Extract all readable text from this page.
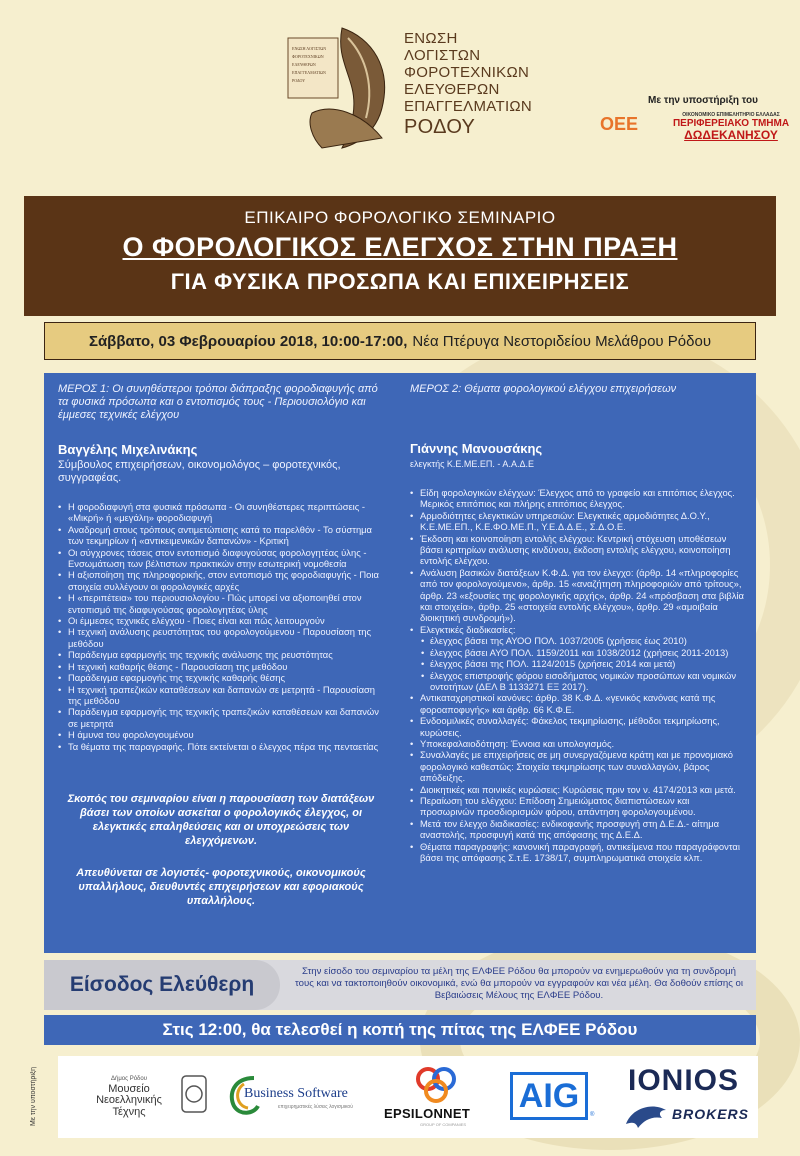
ΕΝΩΣΗ ΛΟΓΙΣΤΩΝ
ΦΟΡΟΤΕΧΝΙΚΩΝ
ΕΛΕΥΘΕΡΩΝ
ΕΠΑΓΓΕΛΜΑΤΙΩΝ
ΡΟΔΟΥ
ΕΝΩΣΗ
ΛΟΓΙΣΤΩΝ
ΦΟΡΟΤΕΧΝΙΚΩΝ
ΕΛΕΥΘΕΡΩΝ
ΕΠΑΓΓΕΛΜΑΤΙΩΝ
ΡΟΔΟΥ
Με την υποστήριξη του
ΟΕΕ	ΟΙΚΟΝΟΜΙΚΟ ΕΠΙΜΕΛΗΤΗΡΙΟ ΕΛΛΑΔΑΣ
ΠΕΡΙΦΕΡΕΙΑΚΟ ΤΜΗΜΑ
ΔΩΔΕΚΑΝΗΣΟΥ
ΕΠΙΚΑΙΡΟ ΦΟΡΟΛΟΓΙΚΟ ΣΕΜΙΝΑΡΙΟ
Ο ΦΟΡΟΛΟΓΙΚΟΣ ΕΛΕΓΧΟΣ ΣΤΗΝ ΠΡΑΞΗ
ΓΙΑ ΦΥΣΙΚΑ ΠΡΟΣΩΠΑ ΚΑΙ ΕΠΙΧΕΙΡΗΣΕΙΣ
Σάββατο, 03 Φεβρουαρίου 2018, 10:00-17:00, Νέα Πτέρυγα Νεστοριδείου Μελάθρου Ρόδου
ΜΕΡΟΣ 1: Οι συνηθέστεροι τρόποι διάπραξης φοροδιαφυγής από τα φυσικά πρόσωπα και ο εντοπισμός τους - Περιουσιολόγιο και έμμεσες τεχνικές ελέγχου
Βαγγέλης Μιχελινάκης
Σύμβουλος επιχειρήσεων, οικονομολόγος – φοροτεχνικός, συγγραφέας.
• Η φοροδιαφυγή στα φυσικά πρόσωπα - Οι συνηθέστερες περιπτώσεις - «Μικρή» ή «μεγάλη» φοροδιαφυγή
• Αναδρομή στους τρόπους αντιμετώπισης κατά το παρελθόν - Το σύστημα των τεκμηρίων ή «αντικειμενικών δαπανών» - Κριτική
• Οι σύγχρονες τάσεις στον εντοπισμό διαφυγούσας φορολογητέας ύλης - Ενσωμάτωση των βέλτιστων πρακτικών στην εσωτερική νομοθεσία
• Η αξιοποίηση της πληροφορικής, στον εντοπισμό της φοροδιαφυγής - Ποια στοιχεία συλλέγουν οι φορολογικές αρχές
• Η «περιπέτεια» του περιουσιολογίου - Πώς μπορεί να αξιοποιηθεί στον εντοπισμό της διαφυγούσας φορολογητέας ύλης
• Οι έμμεσες τεχνικές ελέγχου - Ποιες είναι και πώς λειτουργούν
• Η τεχνική ανάλυσης ρευστότητας του φορολογούμενου - Παρουσίαση της μεθόδου
• Παράδειγμα εφαρμογής της τεχνικής ανάλυσης της ρευστότητας
• Η τεχνική καθαρής θέσης - Παρουσίαση της μεθόδου
• Παράδειγμα εφαρμογής της τεχνικής καθαρής θέσης
• Η τεχνική τραπεζικών καταθέσεων και δαπανών σε μετρητά - Παρουσίαση της μεθόδου
• Παράδειγμα εφαρμογής της τεχνικής τραπεζικών καταθέσεων και δαπανών σε μετρητά
• Η άμυνα του φορολογουμένου
• Τα θέματα της παραγραφής. Πότε εκτείνεται ο έλεγχος πέρα της πενταετίας
Σκοπός του σεμιναρίου είναι η παρουσίαση των διατάξεων βάσει των οποίων ασκείται ο φορολογικός έλεγχος, οι ελεγκτικές επαληθεύσεις και οι υποχρεώσεις των ελεγχόμενων.
Απευθύνεται σε λογιστές- φοροτεχνικούς, οικονομικούς υπαλλήλους, διευθυντές επιχειρήσεων και εφοριακούς υπαλλήλους.
ΜΕΡΟΣ 2: Θέματα φορολογικού ελέγχου επιχειρήσεων
Γιάννης Μανουσάκης
ελεγκτής Κ.Ε.ΜΕ.ΕΠ. - Α.Α.Δ.Ε
• Είδη φορολογικών ελέγχων: Έλεγχος από το γραφείο και επιτόπιος έλεγχος. Μερικός επιτόπιος και πλήρης επιτόπιος έλεγχος.
• Αρμοδιότητες ελεγκτικών υπηρεσιών: Ελεγκτικές αρμοδιότητες Δ.Ο.Υ., Κ.Ε.ΜΕ.ΕΠ., Κ.Ε.ΦΟ.ΜΕ.Π., Υ.Ε.Δ.Δ.Ε., Σ.Δ.Ο.Ε.
• Έκδοση και κοινοποίηση εντολής ελέγχου: Κεντρική στόχευση υποθέσεων βάσει κριτηρίων ανάλυσης κινδύνου, έκδοση εντολής ελέγχου, κοινοποίηση εντολής ελέγχου.
• Ανάλυση βασικών διατάξεων Κ.Φ.Δ. για τον έλεγχο: (άρθρ. 14 «πληροφορίες από τον φορολογούμενο», άρθρ. 15 «αναζήτηση πληροφοριών από τρίτους», άρθρ. 23 «εξουσίες της φορολογικής αρχής», άρθρ. 24 «πρόσβαση στα βιβλία και στοιχεία», άρθρ. 25 «στοιχεία εντολής ελέγχου», άρθρ. 29 «αμοιβαία διοικητική συνδρομή»).
• Ελεγκτικές διαδικασίες:
• έλεγχος βάσει της ΑΥΟΟ ΠΟΛ. 1037/2005 (χρήσεις έως 2010)
• έλεγχος βάσει ΑΥΟ ΠΟΛ. 1159/2011 και 1038/2012 (χρήσεις 2011-2013)
• έλεγχος βάσει της ΠΟΛ. 1124/2015 (χρήσεις 2014 και μετά)
• έλεγχος επιστροφής φόρου εισοδήματος νομικών προσώπων και νομικών οντοτήτων (ΔΕΛ Β 1133271 ΕΞ 2017).
• Αντικαταχρηστικοί κανόνες: άρθρ. 38 Κ.Φ.Δ. «γενικός κανόνας κατά της φοροαποφυγής» και άρθρ. 66 Κ.Φ.Ε.
• Ενδοομιλικές συναλλαγές: Φάκελος τεκμηρίωσης, μέθοδοι τεκμηρίωσης, κυρώσεις.
• Υποκεφαλαιοδότηση: Έννοια και υπολογισμός.
• Συναλλαγές με επιχειρήσεις σε μη συνεργαζόμενα κράτη και με προνομιακό φορολογικό καθεστώς: Στοιχεία τεκμηρίωσης των συναλλαγών, βάρος απόδειξης.
• Διοικητικές και ποινικές κυρώσεις: Κυρώσεις πριν τον ν. 4174/2013 και μετά.
• Περαίωση του ελέγχου: Επίδοση Σημειώματος διαπιστώσεων και προσωρινών προσδιορισμών φόρου, απάντηση φορολογουμένου.
• Μετά τον έλεγχο διαδικασίες: ενδικοφανής προσφυγή στη Δ.Ε.Δ.- αίτημα αναστολής, προσφυγή κατά της απόφασης της Δ.Ε.Δ.
• Θέματα παραγραφής: κανονική παραγραφή, αντικείμενα που παραγράφονται βάσει της απόφασης Σ.τ.Ε. 1738/17, συμπληρωματικά στοιχεία κλπ.
Είσοδος Ελεύθερη
Στην είσοδο του σεμιναρίου τα μέλη της ΕΛΦΕΕ Ρόδου θα μπορούν να ενημερωθούν για τη συνδρομή τους και να τακτοποιηθούν οικονομικά, ενώ θα μπορούν να εγγραφούν και νέα μέλη. Θα δοθούν επίσης οι Βεβαιώσεις Μέλους της ΕΛΦΕΕ Ρόδου.
Στις 12:00, θα τελεσθεί η κοπή της πίτας της ΕΛΦΕΕ Ρόδου
Με την υποστήριξη	Δήμος Ρόδου
Μουσείο Νεοελληνικής
Τέχνης
Business Software
επιχειρηματικές λύσεις λογισμικού EPSILONNET
GROUP OF COMPANIES
AIG
®
IONIOS
BROKERS
